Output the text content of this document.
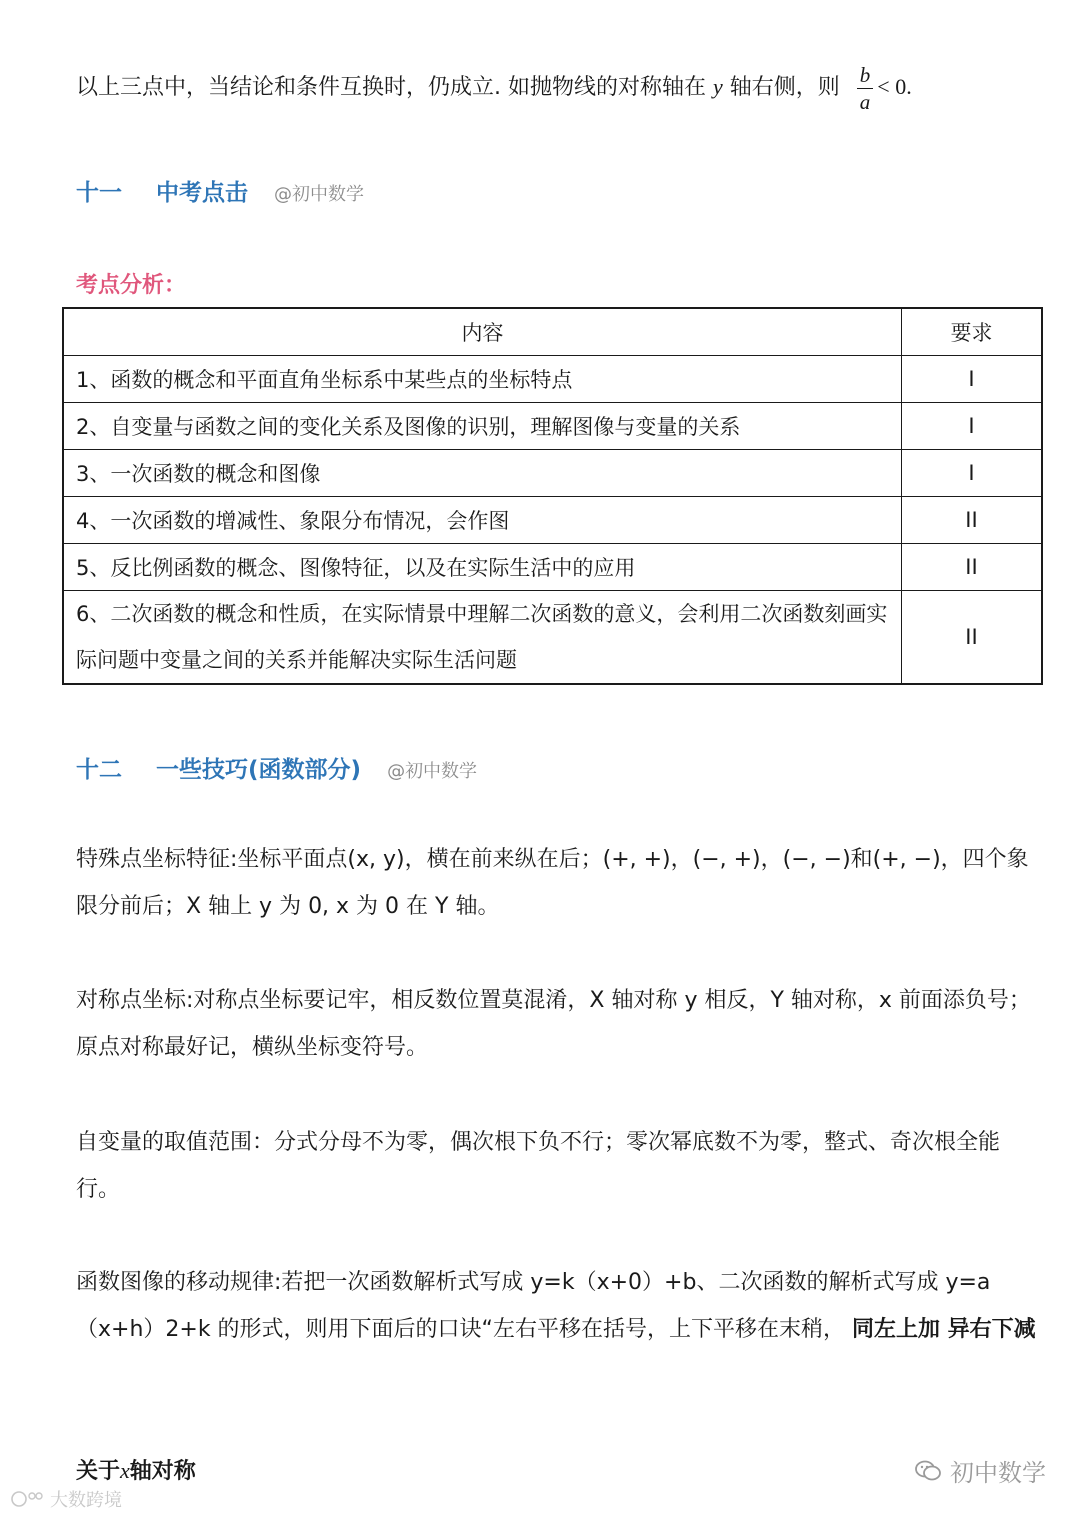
以上三点中，当结论和条件互换时，仍成立. 如抛物线的对称轴在 y 轴右侧，则 $\frac{b}{a} < 0$.

十一 中考点击 @初中数学
考点分析：
内容	要求
1、函数的概念和平面直角坐标系中某些点的坐标特点	I
2、自变量与函数之间的变化关系及图像的识别，理解图像与变量的关系	I
3、一次函数的概念和图像	I
4、一次函数的增减性、象限分布情况，会作图	II
5、反比例函数的概念、图像特征，以及在实际生活中的应用	II
6、二次函数的概念和性质，在实际情景中理解二次函数的意义，会利用二次函数刻画实际问题中变量之间的关系并能解决实际生活问题	II
十二 一些技巧(函数部分) @初中数学

特殊点坐标特征:坐标平面点(x, y)，横在前来纵在后；(+, +)，(−, +)，(−, −)和(+, −)，四个象限分前后；X 轴上 y 为 0, x 为 0 在 Y 轴。

对称点坐标:对称点坐标要记牢，相反数位置莫混淆，X 轴对称 y 相反，Y 轴对称，x 前面添负号；原点对称最好记，横纵坐标变符号。

自变量的取值范围：分式分母不为零，偶次根下负不行；零次幂底数不为零，整式、奇次根全能行。

函数图像的移动规律:若把一次函数解析式写成 y=k（x+0）+b、二次函数的解析式写成 y=a（x+h）2+k 的形式，则用下面后的口诀“左右平移在括号，上下平移在末稍， 同左上加 异右下减

关于x轴对称	初中数学
大数跨境
